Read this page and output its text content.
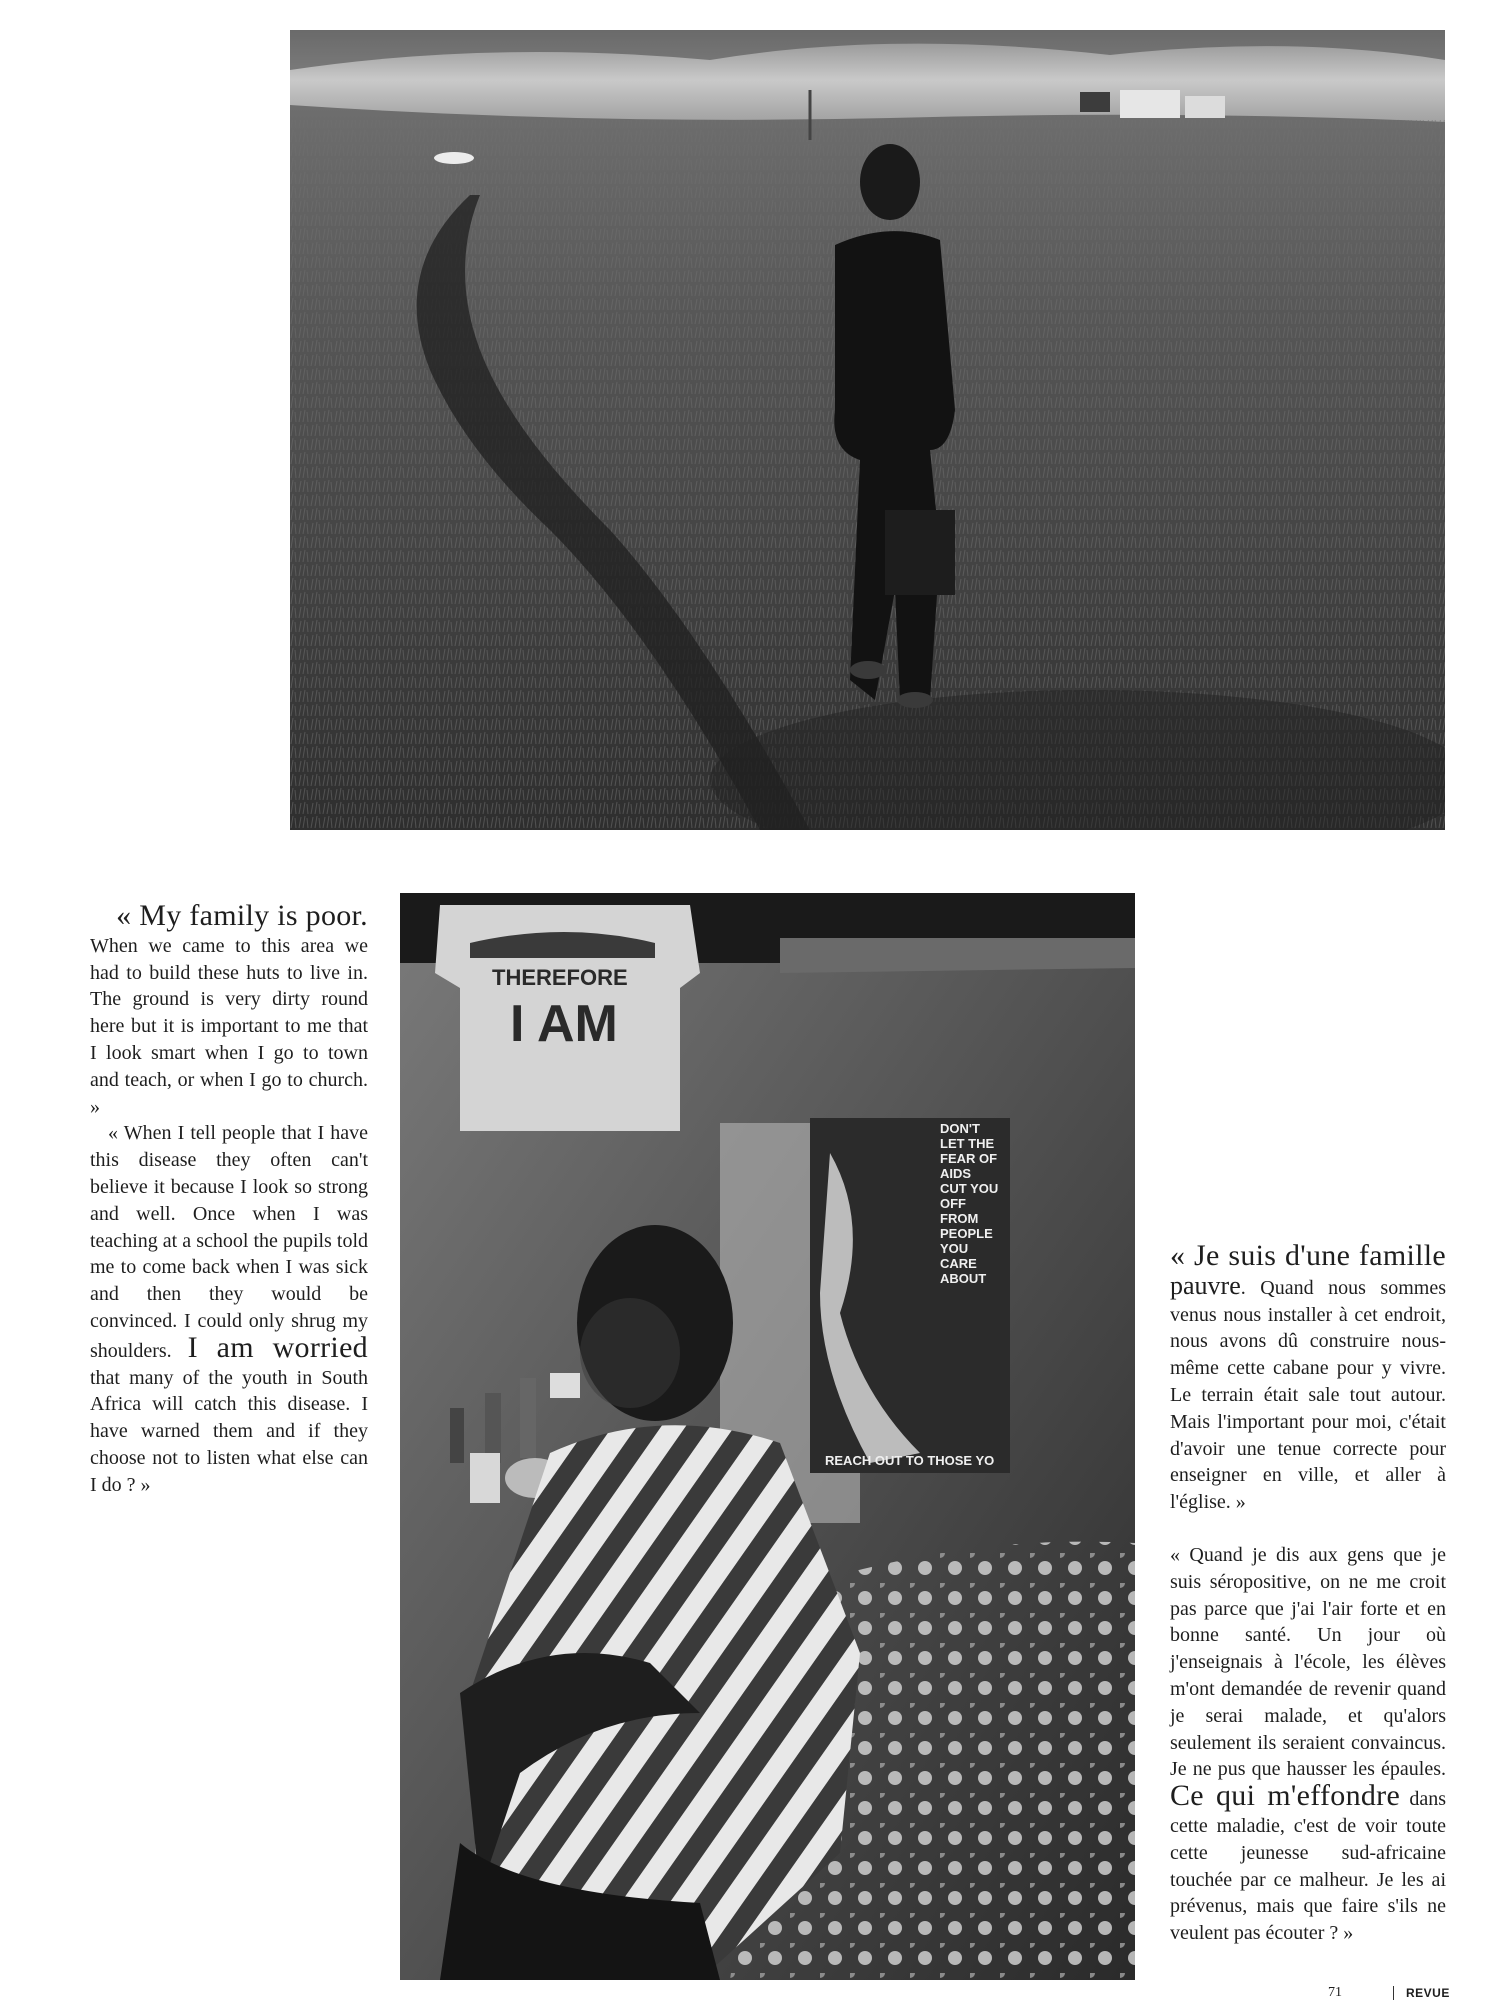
« My family is poor.

When we came to this area we had to build these huts to live in. The ground is very dirty round here but it is important to me that I look smart when I go to town and teach, or when I go to church. »

« When I tell people that I have this disease they often can't believe it because I look so strong and well. Once when I was teaching at a school the pupils told me to come back when I was sick and then they would be convinced. I could only shrug my shoulders. I am worried that many of the youth in South Africa will catch this disease. I have warned them and if they choose not to listen what else can I do ? »

THEREFORE
I AM
DON'T
LET THE
FEAR OF
AIDS
CUT YOU
OFF
FROM
PEOPLE
YOU
CARE
ABOUT
REACH OUT TO THOSE YO

« Je suis d'une famille pauvre. Quand nous sommes venus nous installer à cet endroit, nous avons dû construire nous-même cette cabane pour y vivre. Le terrain était sale tout autour. Mais l'important pour moi, c'était d'avoir une tenue correcte pour enseigner en ville, et aller à l'église. »

« Quand je dis aux gens que je suis séropositive, on ne me croit pas parce que j'ai l'air forte et en bonne santé. Un jour où j'enseignais à l'école, les élèves m'ont demandée de revenir quand je serai malade, et qu'alors seulement ils seraient convaincus. Je ne pus que hausser les épaules. Ce qui m'effondre dans cette maladie, c'est de voir toute cette jeunesse sud-africaine touchée par ce malheur. Je les ai prévenus, mais que faire s'ils ne veulent pas écouter ? »

71	REVUE
